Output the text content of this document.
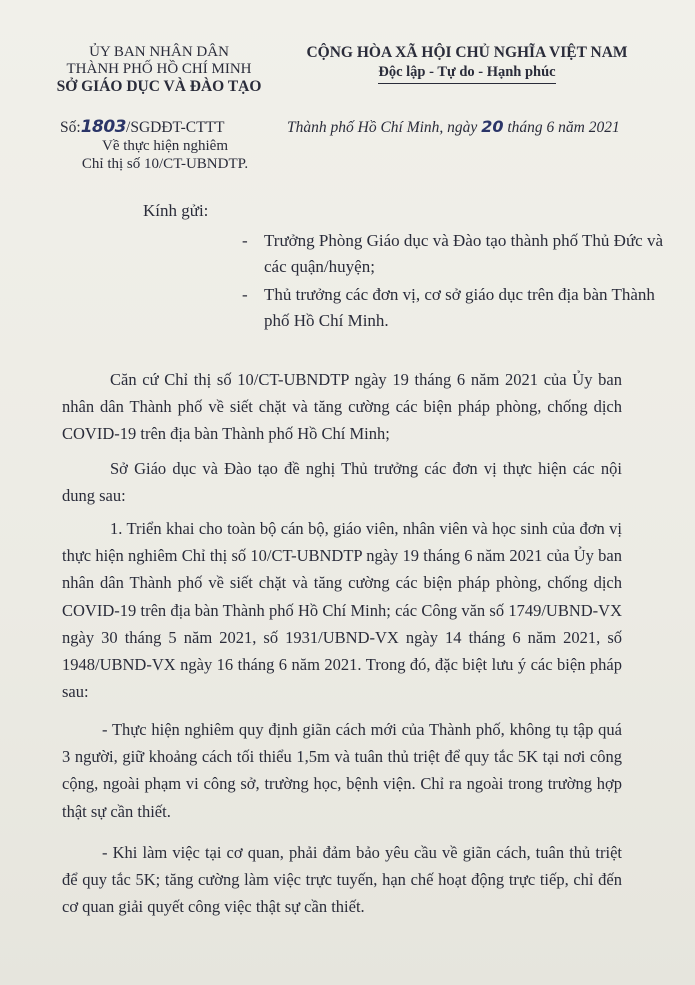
ỦY BAN NHÂN DÂN
THÀNH PHỐ HỒ CHÍ MINH
SỞ GIÁO DỤC VÀ ĐÀO TẠO
CỘNG HÒA XÃ HỘI CHỦ NGHĨA VIỆT NAM
Độc lập - Tự do - Hạnh phúc
Số:1803/SGDĐT-CTTT	Thành phố Hồ Chí Minh, ngày 20 tháng 6 năm 2021
Về thực hiện nghiêm
Chỉ thị số 10/CT-UBNDTP.
Kính gửi:
- Trưởng Phòng Giáo dục và Đào tạo thành phố Thủ Đức và các quận/huyện;
- Thủ trưởng các đơn vị, cơ sở giáo dục trên địa bàn Thành phố Hồ Chí Minh.
Căn cứ Chỉ thị số 10/CT-UBNDTP ngày 19 tháng 6 năm 2021 của Ủy ban nhân dân Thành phố về siết chặt và tăng cường các biện pháp phòng, chống dịch COVID-19 trên địa bàn Thành phố Hồ Chí Minh;
Sở Giáo dục và Đào tạo đề nghị Thủ trưởng các đơn vị thực hiện các nội dung sau:
1. Triển khai cho toàn bộ cán bộ, giáo viên, nhân viên và học sinh của đơn vị thực hiện nghiêm Chỉ thị số 10/CT-UBNDTP ngày 19 tháng 6 năm 2021 của Ủy ban nhân dân Thành phố về siết chặt và tăng cường các biện pháp phòng, chống dịch COVID-19 trên địa bàn Thành phố Hồ Chí Minh; các Công văn số 1749/UBND-VX ngày 30 tháng 5 năm 2021, số 1931/UBND-VX ngày 14 tháng 6 năm 2021, số 1948/UBND-VX ngày 16 tháng 6 năm 2021. Trong đó, đặc biệt lưu ý các biện pháp sau:
- Thực hiện nghiêm quy định giãn cách mới của Thành phố, không tụ tập quá 3 người, giữ khoảng cách tối thiểu 1,5m và tuân thủ triệt để quy tắc 5K tại nơi công cộng, ngoài phạm vi công sở, trường học, bệnh viện. Chỉ ra ngoài trong trường hợp thật sự cần thiết.
- Khi làm việc tại cơ quan, phải đảm bảo yêu cầu về giãn cách, tuân thủ triệt để quy tắc 5K; tăng cường làm việc trực tuyến, hạn chế hoạt động trực tiếp, chỉ đến cơ quan giải quyết công việc thật sự cần thiết.
